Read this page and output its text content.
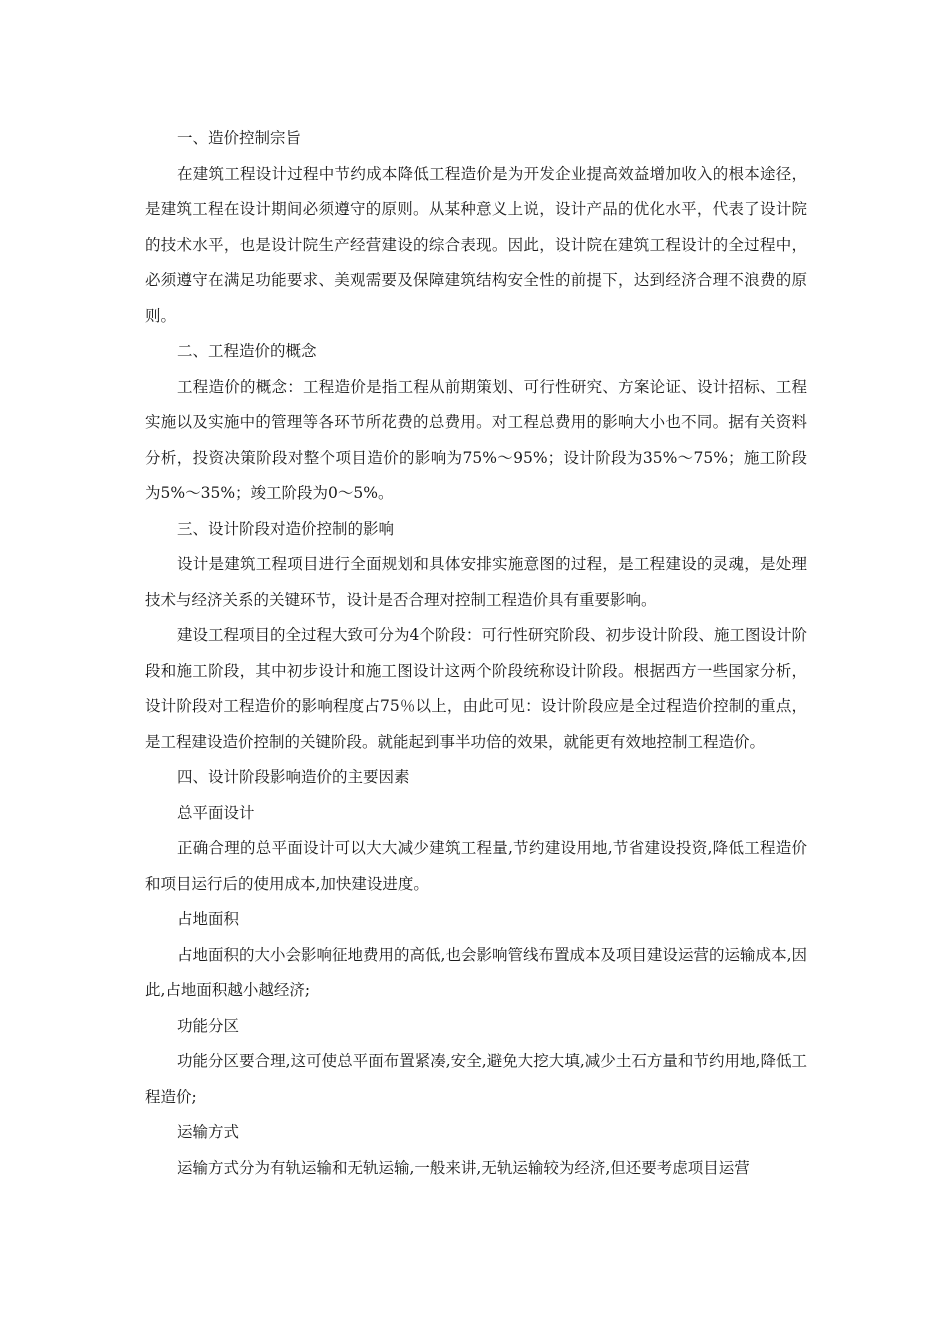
一、造价控制宗旨

在建筑工程设计过程中节约成本降低工程造价是为开发企业提高效益增加收入的根本途径，是建筑工程在设计期间必须遵守的原则。从某种意义上说，设计产品的优化水平，代表了设计院的技术水平，也是设计院生产经营建设的综合表现。因此，设计院在建筑工程设计的全过程中，必须遵守在满足功能要求、美观需要及保障建筑结构安全性的前提下，达到经济合理不浪费的原则。

二、工程造价的概念

工程造价的概念：工程造价是指工程从前期策划、可行性研究、方案论证、设计招标、工程实施以及实施中的管理等各环节所花费的总费用。对工程总费用的影响大小也不同。据有关资料分析，投资决策阶段对整个项目造价的影响为75%～95%；设计阶段为35%～75%；施工阶段为5%～35%；竣工阶段为0～5%。

三、设计阶段对造价控制的影响

设计是建筑工程项目进行全面规划和具体安排实施意图的过程，是工程建设的灵魂，是处理技术与经济关系的关键环节，设计是否合理对控制工程造价具有重要影响。

建设工程项目的全过程大致可分为4个阶段：可行性研究阶段、初步设计阶段、施工图设计阶段和施工阶段，其中初步设计和施工图设计这两个阶段统称设计阶段。根据西方一些国家分析，设计阶段对工程造价的影响程度占75％以上，由此可见：设计阶段应是全过程造价控制的重点，是工程建设造价控制的关键阶段。就能起到事半功倍的效果，就能更有效地控制工程造价。

四、设计阶段影响造价的主要因素

总平面设计

正确合理的总平面设计可以大大减少建筑工程量,节约建设用地,节省建设投资,降低工程造价和项目运行后的使用成本,加快建设进度。

占地面积

占地面积的大小会影响征地费用的高低,也会影响管线布置成本及项目建设运营的运输成本,因此,占地面积越小越经济;

功能分区

功能分区要合理,这可使总平面布置紧凑,安全,避免大挖大填,减少土石方量和节约用地,降低工程造价;

运输方式

运输方式分为有轨运输和无轨运输,一般来讲,无轨运输较为经济,但还要考虑项目运营
